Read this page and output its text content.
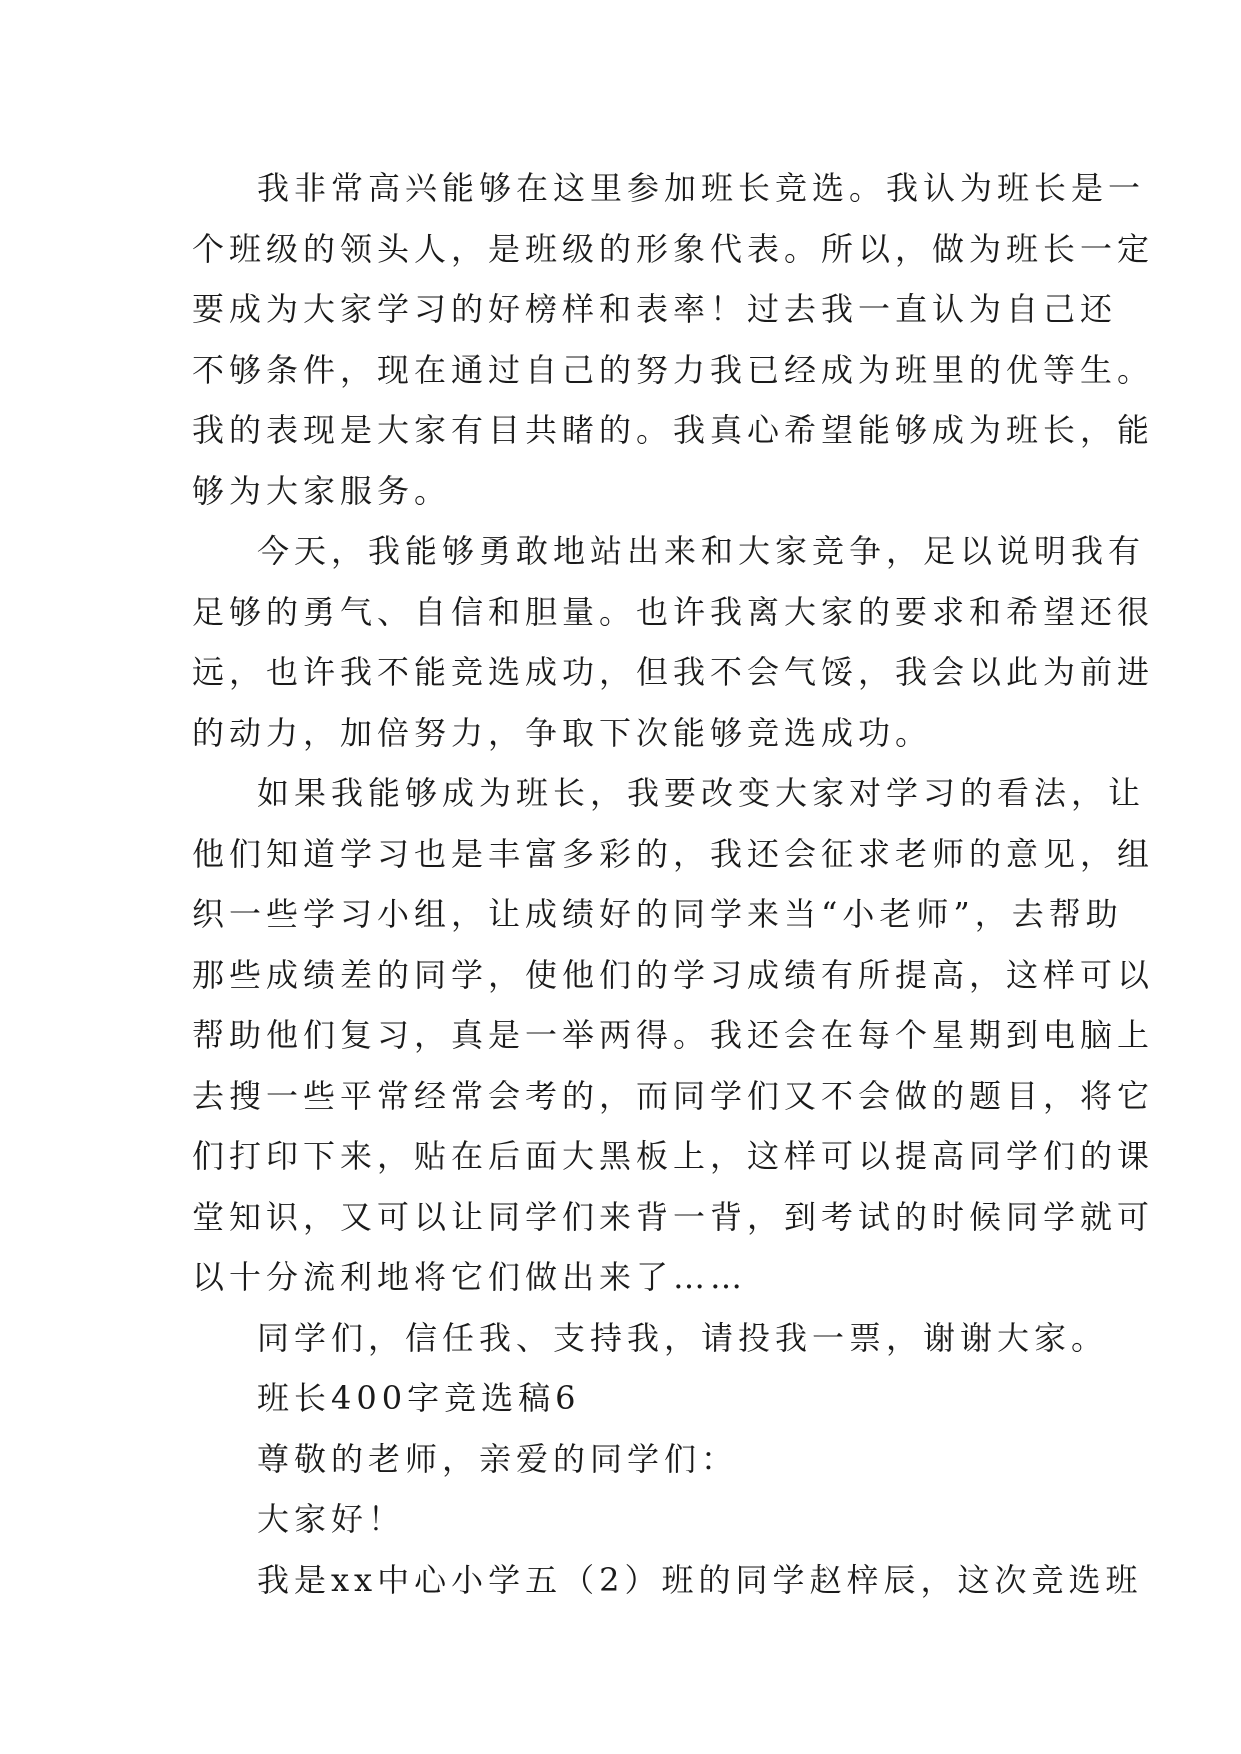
我非常高兴能够在这里参加班长竞选。我认为班长是一
个班级的领头人，是班级的形象代表。所以，做为班长一定
要成为大家学习的好榜样和表率！过去我一直认为自己还
不够条件，现在通过自己的努力我已经成为班里的优等生。
我的表现是大家有目共睹的。我真心希望能够成为班长，能
够为大家服务。
今天，我能够勇敢地站出来和大家竞争，足以说明我有
足够的勇气、自信和胆量。也许我离大家的要求和希望还很
远，也许我不能竞选成功，但我不会气馁，我会以此为前进
的动力，加倍努力，争取下次能够竞选成功。
如果我能够成为班长，我要改变大家对学习的看法，让
他们知道学习也是丰富多彩的，我还会征求老师的意见，组
织一些学习小组，让成绩好的同学来当“小老师”，去帮助
那些成绩差的同学，使他们的学习成绩有所提高，这样可以
帮助他们复习，真是一举两得。我还会在每个星期到电脑上
去搜一些平常经常会考的，而同学们又不会做的题目，将它
们打印下来，贴在后面大黑板上，这样可以提高同学们的课
堂知识，又可以让同学们来背一背，到考试的时候同学就可
以十分流利地将它们做出来了……
同学们，信任我、支持我，请投我一票，谢谢大家。
班长400字竞选稿6
尊敬的老师，亲爱的同学们：
大家好！
我是xx中心小学五（2）班的同学赵梓辰，这次竞选班
